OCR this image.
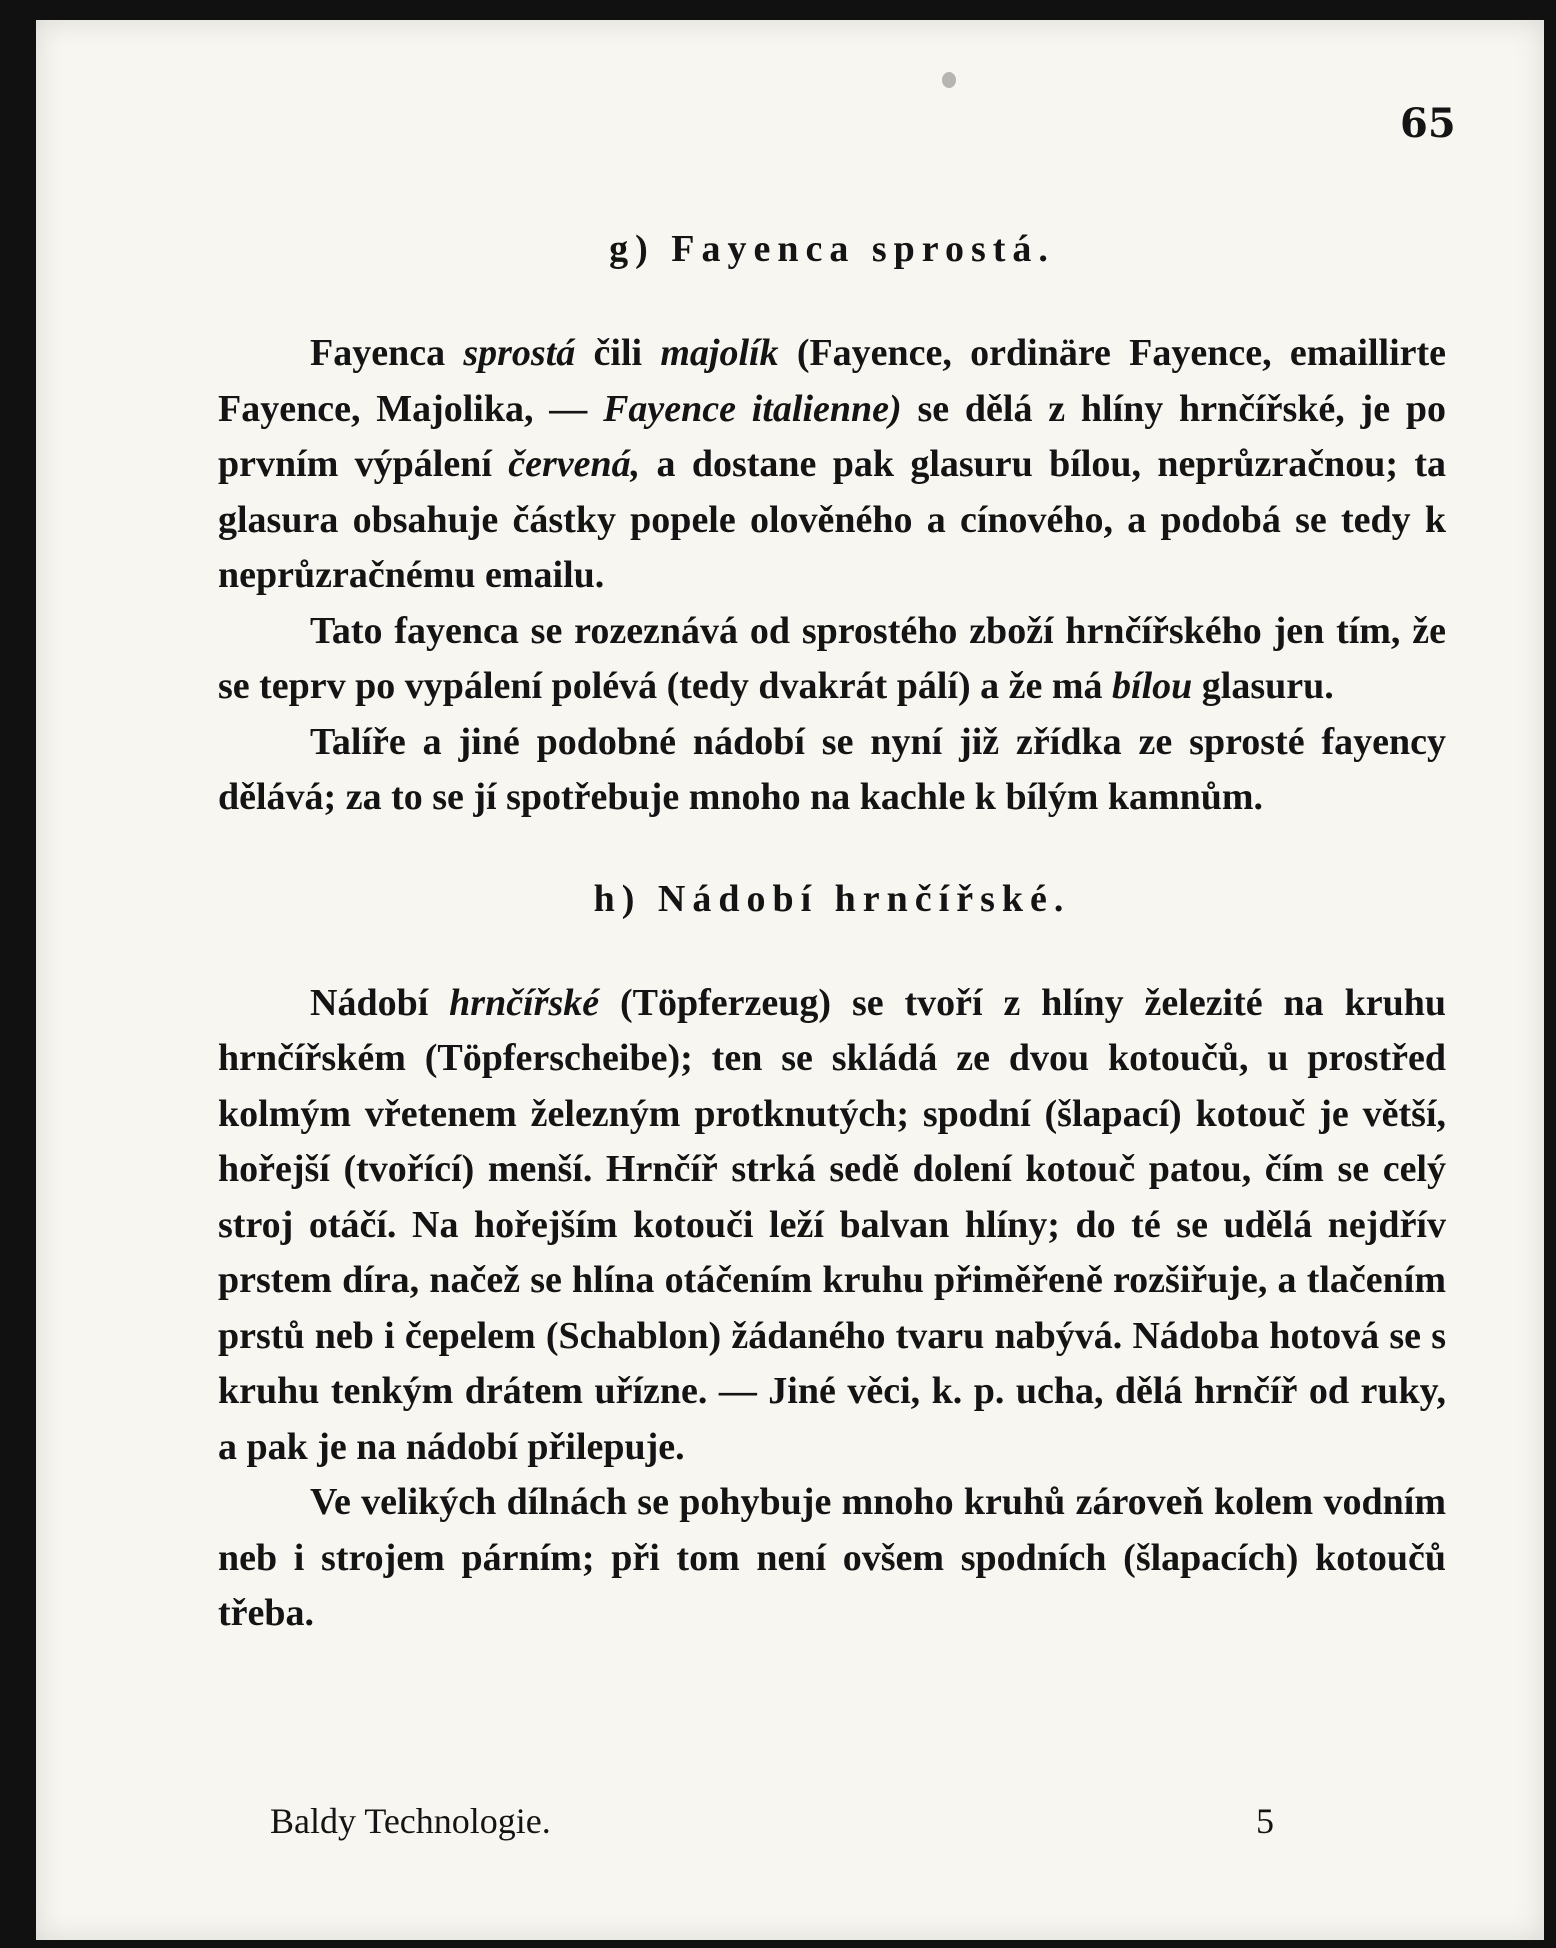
65
g) Fayenca sprostá.

Fayenca sprostá čili majolík (Fayence, ordinäre Fayence, emaillirte Fayence, Majolika, — Fayence italienne) se dělá z hlíny hrnčířské, je po prvním výpálení červená, a dostane pak glasuru bílou, neprůzračnou; ta glasura obsahuje částky popele olověného a cínového, a podobá se tedy k neprůzračnému emailu.

Tato fayenca se rozeznává od sprostého zboží hrnčířského jen tím, že se teprv po vypálení polévá (tedy dvakrát pálí) a že má bílou glasuru.

Talíře a jiné podobné nádobí se nyní již zřídka ze sprosté fayency dělává; za to se jí spotřebuje mnoho na kachle k bílým kamnům.

h) Nádobí hrnčířské.

Nádobí hrnčířské (Töpferzeug) se tvoří z hlíny železité na kruhu hrnčířském (Töpferscheibe); ten se skládá ze dvou kotoučů, u prostřed kolmým vřetenem železným protknutých; spodní (šlapací) kotouč je větší, hořejší (tvořící) menší. Hrnčíř strká sedě dolení kotouč patou, čím se celý stroj otáčí. Na hořejším kotouči leží balvan hlíny; do té se udělá nejdřív prstem díra, načež se hlína otáčením kruhu přiměřeně rozšiřuje, a tlačením prstů neb i čepelem (Schablon) žádaného tvaru nabývá. Nádoba hotová se s kruhu tenkým drátem uřízne. — Jiné věci, k. p. ucha, dělá hrnčíř od ruky, a pak je na nádobí přilepuje.

Ve velikých dílnách se pohybuje mnoho kruhů zároveň kolem vodním neb i strojem párním; při tom není ovšem spodních (šlapacích) kotoučů třeba.

Baldy Technologie.	5
